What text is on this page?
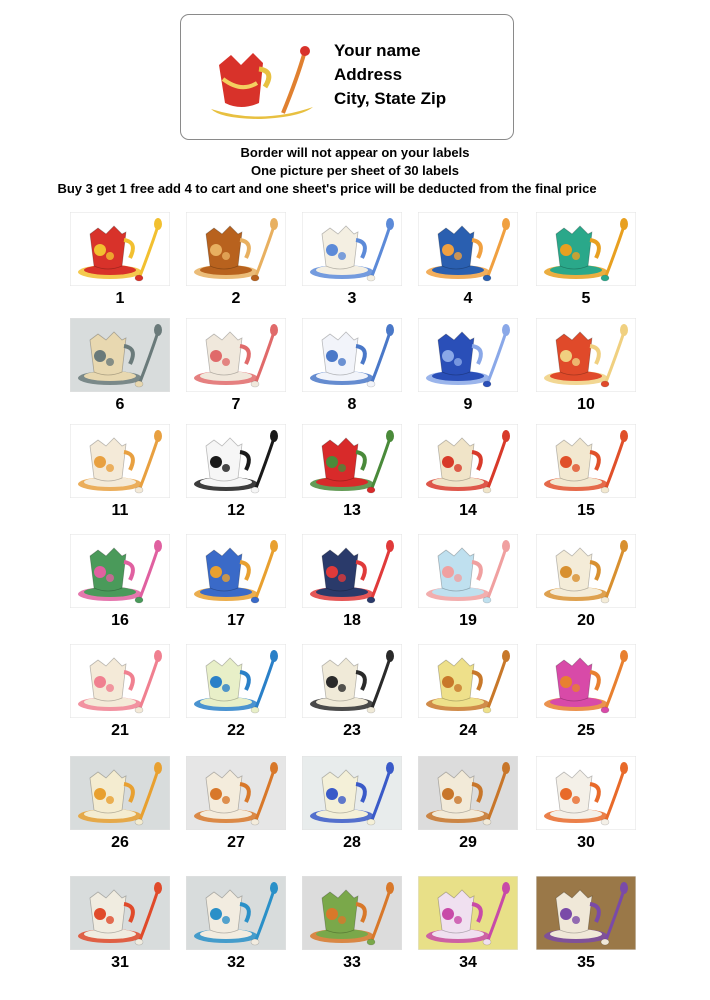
Your name
Address
City, State Zip
Border will not appear on your labels
One picture per sheet of 30 labels
Buy 3 get 1 free add 4 to cart and one sheet's price will be deducted from the final price
1	2	3	4	5
6	7	8	9	10
11	12	13	14	15
16	17	18	19	20
21	22	23	24	25
26	27	28	29	30
31	32	33	34	35
